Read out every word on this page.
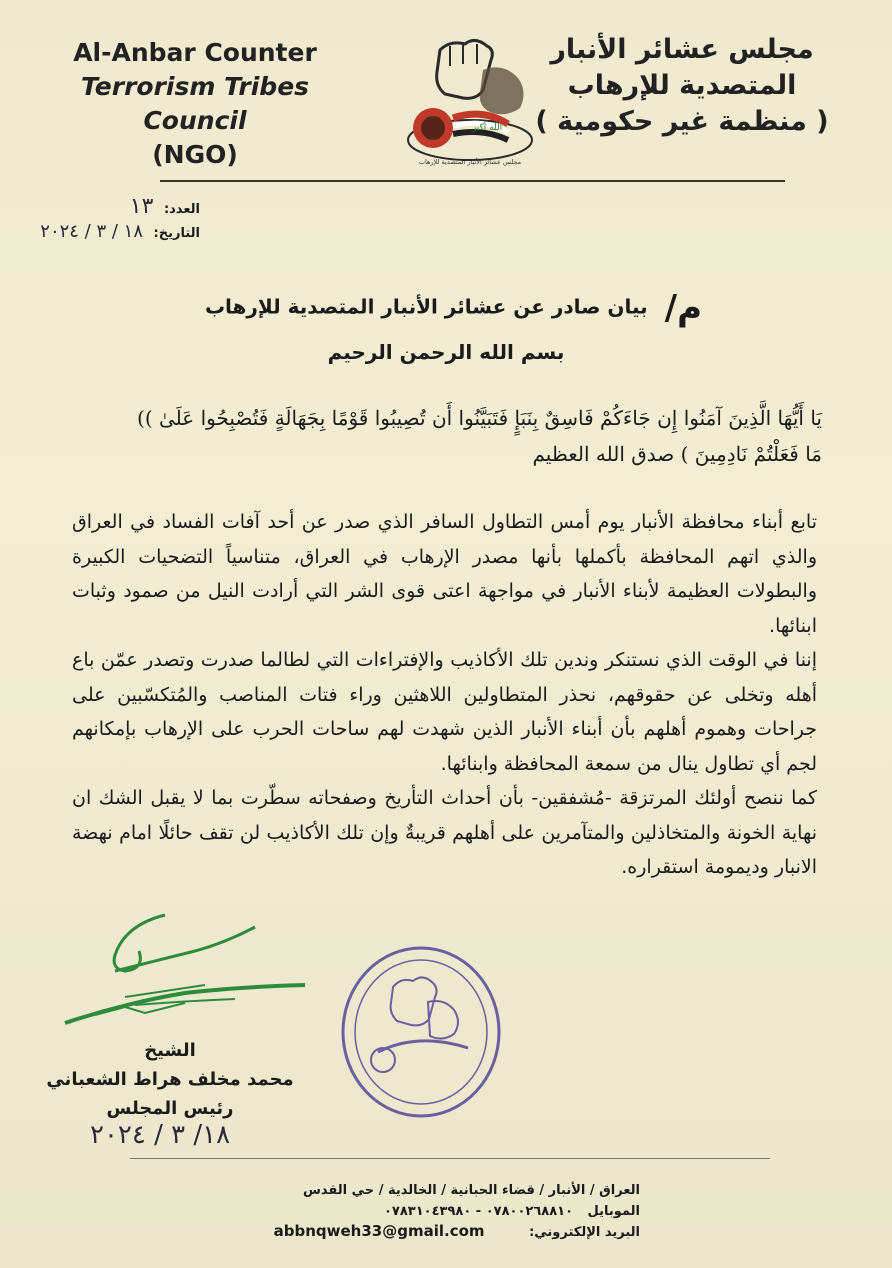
Al-Anbar Counter
Terrorism Tribes Council
(NGO)
الله أكبر
مجلس عشائر الأنبار المتصدية للإرهاب
مجلس عشائر الأنبار
المتصدية للإرهاب
( منظمة غير حكومية )
العدد: ١٣
التاريخ: ١٨ / ٣ / ٢٠٢٤
م/ بيان صادر عن عشائر الأنبار المتصدية للإرهاب
بسم الله الرحمن الرحيم
يَا أَيُّهَا الَّذِينَ آمَنُوا إِن جَاءَكُمْ فَاسِقٌ بِنَبَإٍ فَتَبَيَّنُوا أَن تُصِيبُوا قَوْمًا بِجَهَالَةٍ فَتُصْبِحُوا عَلَىٰ ))
مَا فَعَلْتُمْ نَادِمِينَ ) صدق الله العظيم

تابع أبناء محافظة الأنبار يوم أمس التطاول السافر الذي صدر عن أحد آفات الفساد في العراق والذي اتهم المحافظة بأكملها بأنها مصدر الإرهاب في العراق، متناسياً التضحيات الكبيرة والبطولات العظيمة لأبناء الأنبار في مواجهة اعتى قوى الشر التي أرادت النيل من صمود وثبات ابنائها.

إننا في الوقت الذي نستنكر وندين تلك الأكاذيب والإفتراءات التي لطالما صدرت وتصدر عمّن باع أهله وتخلى عن حقوقهم، نحذر المتطاولين اللاهثين وراء فتات المناصب والمُتكسّبين على جراحات وهموم أهلهم بأن أبناء الأنبار الذين شهدت لهم ساحات الحرب على الإرهاب بإمكانهم لجم أي تطاول ينال من سمعة المحافظة وابنائها.

كما ننصح أولئك المرتزقة -مُشفقين- بأن أحداث التأريخ وصفحاته سطّرت بما لا يقبل الشك ان نهاية الخونة والمتخاذلين والمتآمرين على أهلهم قريبةٌ وإن تلك الأكاذيب لن تقف حائلًا امام نهضة الانبار وديمومة استقراره.

الشيخ
محمد مخلف هراط الشعباني
رئيس المجلس
١٨/ ٣ / ٢٠٢٤
العراق / الأنبار / قضاء الحبانية / الخالدية / حي القدس
الموبايل ٠٧٨٠٠٢٦٨٨١٠ - ٠٧٨٣١٠٤٣٩٨٠
البريد الإلكتروني: abbnqweh33@gmail.com
